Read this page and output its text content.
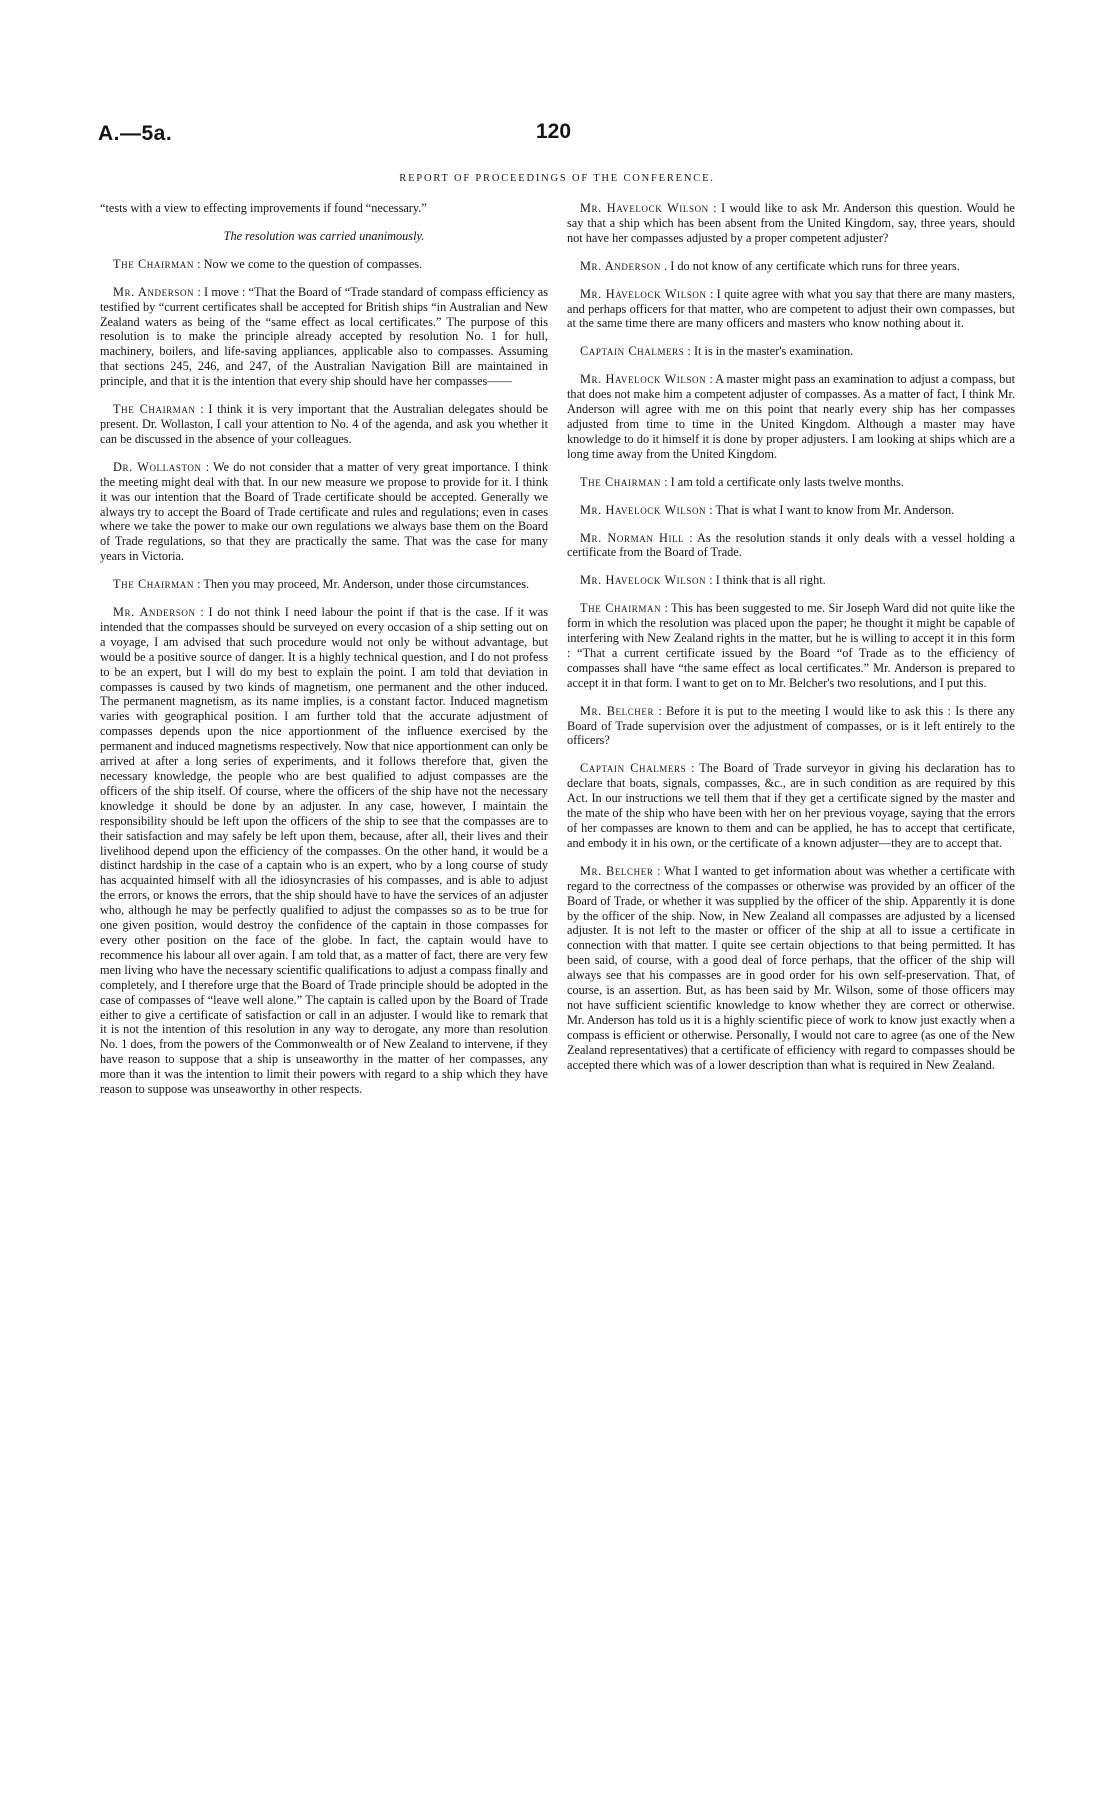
A.—5a.	120
REPORT OF PROCEEDINGS OF THE CONFERENCE.

“tests with a view to effecting improvements if found “necessary.”

The resolution was carried unanimously.

The Chairman : Now we come to the question of compasses.

Mr. Anderson : I move : “That the Board of “Trade standard of compass efficiency as testified by “current certificates shall be accepted for British ships “in Australian and New Zealand waters as being of the “same effect as local certificates.” The purpose of this resolution is to make the principle already accepted by resolution No. 1 for hull, machinery, boilers, and life-saving appliances, applicable also to compasses. Assuming that sections 245, 246, and 247, of the Australian Navigation Bill are maintained in principle, and that it is the intention that every ship should have her compasses——

The Chairman : I think it is very important that the Australian delegates should be present. Dr. Wollaston, I call your attention to No. 4 of the agenda, and ask you whether it can be discussed in the absence of your colleagues.

Dr. Wollaston : We do not consider that a matter of very great importance. I think the meeting might deal with that. In our new measure we propose to provide for it. I think it was our intention that the Board of Trade certificate should be accepted. Generally we always try to accept the Board of Trade certificate and rules and regulations; even in cases where we take the power to make our own regulations we always base them on the Board of Trade regulations, so that they are practically the same. That was the case for many years in Victoria.

The Chairman : Then you may proceed, Mr. Anderson, under those circumstances.

Mr. Anderson : I do not think I need labour the point if that is the case. If it was intended that the compasses should be surveyed on every occasion of a ship setting out on a voyage, I am advised that such procedure would not only be without advantage, but would be a positive source of danger. It is a highly technical question, and I do not profess to be an expert, but I will do my best to explain the point. I am told that deviation in compasses is caused by two kinds of magnetism, one permanent and the other induced. The permanent magnetism, as its name implies, is a constant factor. Induced magnetism varies with geographical position. I am further told that the accurate adjustment of compasses depends upon the nice apportionment of the influence exercised by the permanent and induced magnetisms respectively. Now that nice apportionment can only be arrived at after a long series of experiments, and it follows therefore that, given the necessary knowledge, the people who are best qualified to adjust compasses are the officers of the ship itself. Of course, where the officers of the ship have not the necessary knowledge it should be done by an adjuster. In any case, however, I maintain the responsibility should be left upon the officers of the ship to see that the compasses are to their satisfaction and may safely be left upon them, because, after all, their lives and their livelihood depend upon the efficiency of the compasses. On the other hand, it would be a distinct hardship in the case of a captain who is an expert, who by a long course of study has acquainted himself with all the idiosyncrasies of his compasses, and is able to adjust the errors, or knows the errors, that the ship should have to have the services of an adjuster who, although he may be perfectly qualified to adjust the compasses so as to be true for one given position, would destroy the confidence of the captain in those compasses for every other position on the face of the globe. In fact, the captain would have to recommence his labour all over again. I am told that, as a matter of fact, there are very few men living who have the necessary scientific qualifications to adjust a compass finally and completely, and I therefore urge that the Board of Trade principle should be adopted in the case of compasses of “leave well alone.” The captain is called upon by the Board of Trade either to give a certificate of satisfaction or call in an adjuster. I would like to remark that it is not the intention of this resolution in any way to derogate, any more than resolution No. 1 does, from the powers of the Commonwealth or of New Zealand to intervene, if they have reason to suppose that a ship is unseaworthy in the matter of her compasses, any more than it was the intention to limit their powers with regard to a ship which they have reason to suppose was unseaworthy in other respects.

Mr. Havelock Wilson : I would like to ask Mr. Anderson this question. Would he say that a ship which has been absent from the United Kingdom, say, three years, should not have her compasses adjusted by a proper competent adjuster?

Mr. Anderson . I do not know of any certificate which runs for three years.

Mr. Havelock Wilson : I quite agree with what you say that there are many masters, and perhaps officers for that matter, who are competent to adjust their own compasses, but at the same time there are many officers and masters who know nothing about it.

Captain Chalmers : It is in the master's examination.

Mr. Havelock Wilson : A master might pass an examination to adjust a compass, but that does not make him a competent adjuster of compasses. As a matter of fact, I think Mr. Anderson will agree with me on this point that nearly every ship has her compasses adjusted from time to time in the United Kingdom. Although a master may have knowledge to do it himself it is done by proper adjusters. I am looking at ships which are a long time away from the United Kingdom.

The Chairman : I am told a certificate only lasts twelve months.

Mr. Havelock Wilson : That is what I want to know from Mr. Anderson.

Mr. Norman Hill : As the resolution stands it only deals with a vessel holding a certificate from the Board of Trade.

Mr. Havelock Wilson : I think that is all right.

The Chairman : This has been suggested to me. Sir Joseph Ward did not quite like the form in which the resolution was placed upon the paper; he thought it might be capable of interfering with New Zealand rights in the matter, but he is willing to accept it in this form : “That a current certificate issued by the Board “of Trade as to the efficiency of compasses shall have “the same effect as local certificates.” Mr. Anderson is prepared to accept it in that form. I want to get on to Mr. Belcher's two resolutions, and I put this.

Mr. Belcher : Before it is put to the meeting I would like to ask this : Is there any Board of Trade supervision over the adjustment of compasses, or is it left entirely to the officers?

Captain Chalmers : The Board of Trade surveyor in giving his declaration has to declare that boats, signals, compasses, &c., are in such condition as are required by this Act. In our instructions we tell them that if they get a certificate signed by the master and the mate of the ship who have been with her on her previous voyage, saying that the errors of her compasses are known to them and can be applied, he has to accept that certificate, and embody it in his own, or the certificate of a known adjuster—they are to accept that.

Mr. Belcher : What I wanted to get information about was whether a certificate with regard to the correctness of the compasses or otherwise was provided by an officer of the Board of Trade, or whether it was supplied by the officer of the ship. Apparently it is done by the officer of the ship. Now, in New Zealand all compasses are adjusted by a licensed adjuster. It is not left to the master or officer of the ship at all to issue a certificate in connection with that matter. I quite see certain objections to that being permitted. It has been said, of course, with a good deal of force perhaps, that the officer of the ship will always see that his compasses are in good order for his own self-preservation. That, of course, is an assertion. But, as has been said by Mr. Wilson, some of those officers may not have sufficient scientific knowledge to know whether they are correct or otherwise. Mr. Anderson has told us it is a highly scientific piece of work to know just exactly when a compass is efficient or otherwise. Personally, I would not care to agree (as one of the New Zealand representatives) that a certificate of efficiency with regard to compasses should be accepted there which was of a lower description than what is required in New Zealand.
